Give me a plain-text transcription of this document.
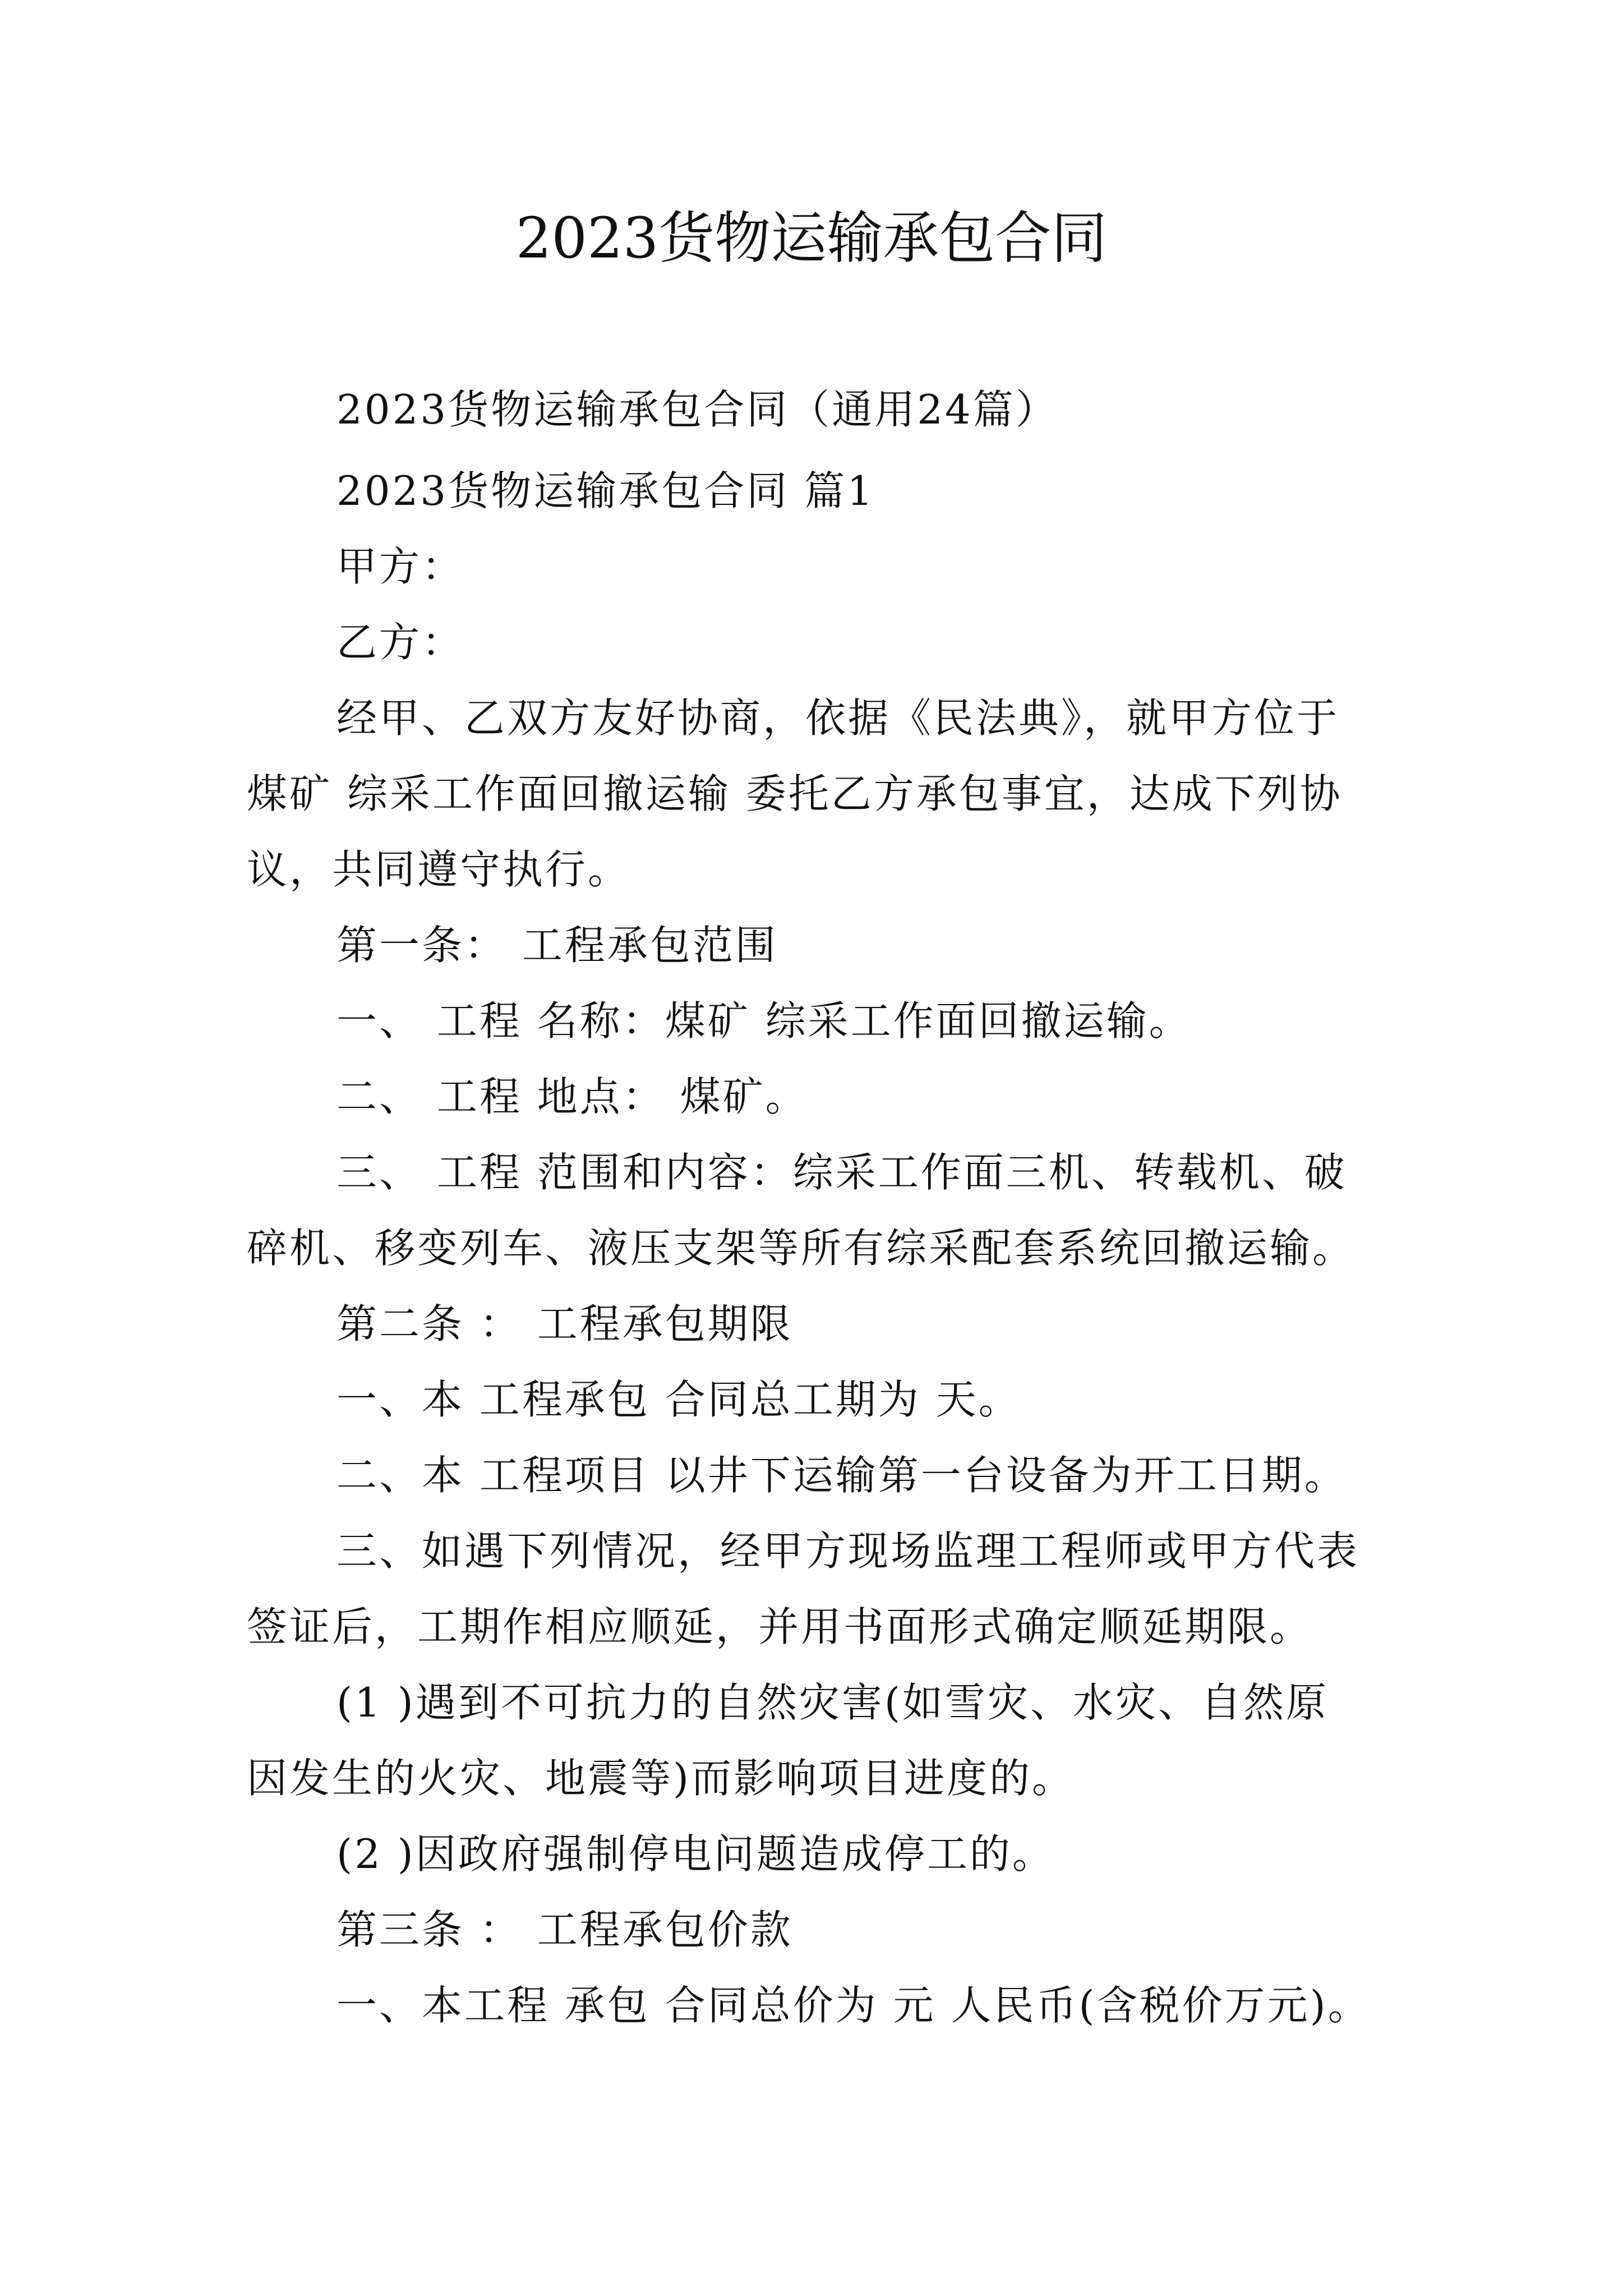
2023货物运输承包合同
2023货物运输承包合同（通用24篇）
2023货物运输承包合同 篇1
甲方：
乙方：
经甲、乙双方友好协商，依据《民法典》，就甲方位于
煤矿 综采工作面回撤运输 委托乙方承包事宜，达成下列协
议，共同遵守执行。
第一条： 工程承包范围
一、 工程 名称：煤矿 综采工作面回撤运输。
二、 工程 地点： 煤矿。
三、 工程 范围和内容：综采工作面三机、转载机、破
碎机、移变列车、液压支架等所有综采配套系统回撤运输。
第二条 ： 工程承包期限
一、本 工程承包 合同总工期为 天。
二、本 工程项目 以井下运输第一台设备为开工日期。
三、如遇下列情况，经甲方现场监理工程师或甲方代表
签证后，工期作相应顺延，并用书面形式确定顺延期限。
(1 )遇到不可抗力的自然灾害(如雪灾、水灾、自然原
因发生的火灾、地震等)而影响项目进度的。
(2 )因政府强制停电问题造成停工的。
第三条 ： 工程承包价款
一、本工程 承包 合同总价为 元 人民币(含税价万元)。
